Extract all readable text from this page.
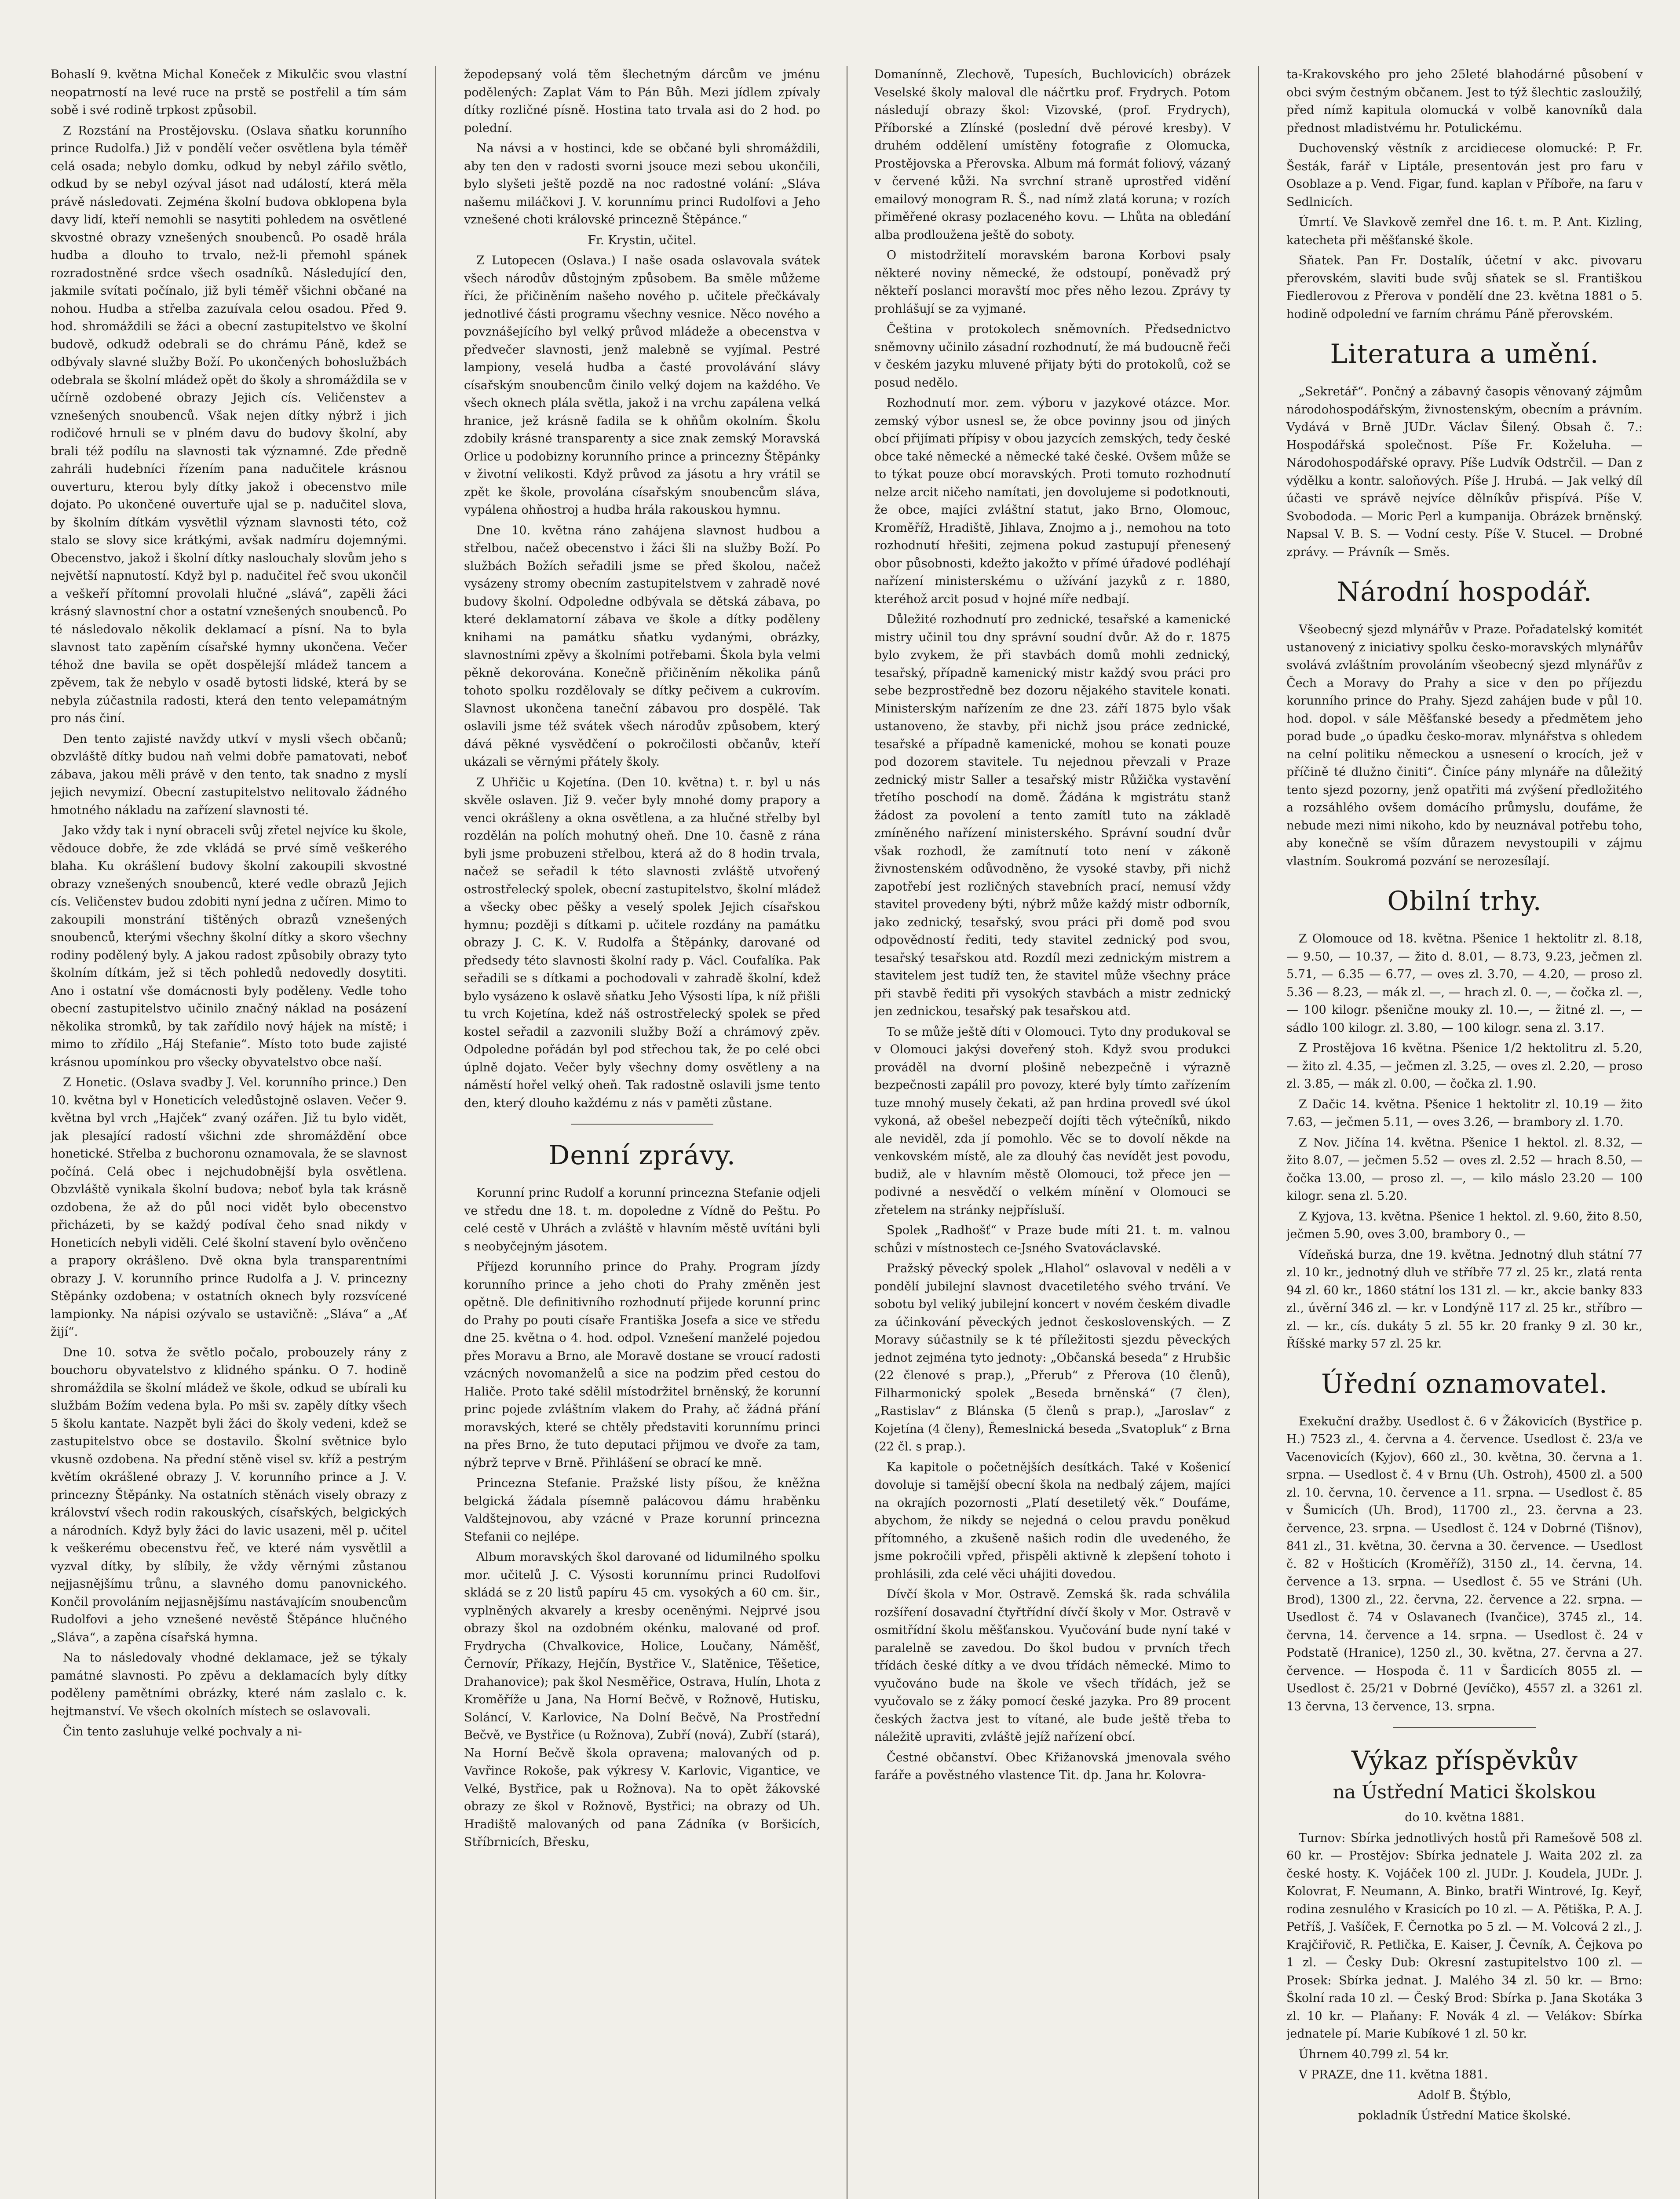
Bohaslí 9. května Michal Koneček z Mikulčic svou vlastní neopatrností na levé ruce na prstě se postřelil a tím sám sobě i své rodině trpkost způsobil.

Z Rozstání na Prostějovsku. (Oslava sňatku korunního prince Rudolfa.) Již v pondělí večer osvětlena byla téměř celá osada; nebylo domku, odkud by nebyl zářilo světlo, odkud by se nebyl ozýval jásot nad událostí, která měla právě následovati. Zejména školní budova obklopena byla davy lidí, kteří nemohli se nasytiti pohledem na osvětlené skvostné obrazy vznešených snoubenců. Po osadě hrála hudba a dlouho to trvalo, než-li přemohl spánek rozradostněné srdce všech osadníků. Následující den, jakmile svítati počínalo, již byli téměř všichni občané na nohou. Hudba a střelba zazuívala celou osadou. Před 9. hod. shromáždili se žáci a obecní zastupitelstvo ve školní budově, odkudž odebrali se do chrámu Páně, kdež se odbývaly slavné služby Boží. Po ukončených bohoslužbách odebrala se školní mládež opět do školy a shromáždila se v učírně ozdobené obrazy Jejich cís. Veličenstev a vznešených snoubenců. Však nejen dítky nýbrž i jich rodičové hrnuli se v plném davu do budovy školní, aby brali též podílu na slavnosti tak významné. Zde předně zahráli hudebníci řízením pana nadučitele krásnou ouverturu, kterou byly dítky jakož i obecenstvo mile dojato. Po ukončené ouvertuře ujal se p. nadučitel slova, by školním dítkám vysvětlil význam slavnosti této, což stalo se slovy sice krátkými, avšak nadmíru dojemnými. Obecenstvo, jakož i školní dítky naslouchaly slovům jeho s největší napnutostí. Když byl p. nadučitel řeč svou ukončil a veškeří přítomní provolali hlučné „slává“, zapěli žáci krásný slavnostní chor a ostatní vznešených snoubenců. Po té následovalo několik deklamací a písní. Na to byla slavnost tato zapěním císařské hymny ukončena. Večer téhož dne bavila se opět dospělejší mládež tancem a zpěvem, tak že nebylo v osadě bytosti lidské, která by se nebyla zúčastnila radosti, která den tento velepamátným pro nás činí.

Den tento zajisté navždy utkví v mysli všech občanů; obzvláště dítky budou naň velmi dobře pamatovati, neboť zábava, jakou měli právě v den tento, tak snadno z myslí jejich nevymizí. Obecní zastupitelstvo nelitovalo žádného hmotného nákladu na zařízení slavnosti té.

Jako vždy tak i nyní obraceli svůj zřetel nejvíce ku škole, vědouce dobře, že zde vkládá se prvé símě veškerého blaha. Ku okrášlení budovy školní zakoupili skvostné obrazy vznešených snoubenců, které vedle obrazů Jejich cís. Veličenstev budou zdobiti nyní jedna z učíren. Mimo to zakoupili monstrání tištěných obrazů vznešených snoubenců, kterými všechny školní dítky a skoro všechny rodiny podělený byly. A jakou radost způsobily obrazy tyto školním dítkám, jež si těch pohledů nedovedly dosytiti. Ano i ostatní vše domácnosti byly poděleny. Vedle toho obecní zastupitelstvo učinilo značný náklad na posázení několika stromků, by tak zařídilo nový hájek na místě; i mimo to zřídilo „Háj Stefanie“. Místo toto bude zajisté krásnou upomínkou pro všecky obyvatelstvo obce naší.

Z Honetic. (Oslava svadby J. Vel. korunního prince.) Den 10. května byl v Honeticích veledůstojně oslaven. Večer 9. května byl vrch „Hajček“ zvaný ozářen. Již tu bylo vidět, jak plesající radostí všichni zde shromáždění obce honetické. Střelba z buchoronu oznamovala, že se slavnost počíná. Celá obec i nejchudobnější byla osvětlena. Obzvláště vynikala školní budova; neboť byla tak krásně ozdobena, že až do půl noci vidět bylo obecenstvo přicházeti, by se každý podíval čeho snad nikdy v Honeticích nebyli viděli. Celé školní stavení bylo ověnčeno a prapory okrášleno. Dvě okna byla transparentními obrazy J. V. korunního prince Rudolfa a J. V. princezny Stěpánky ozdobena; v ostatních oknech byly rozsvícené lampionky. Na nápisi ozývalo se ustavičně: „Sláva“ a „Ať žijí“.

Dne 10. sotva že světlo počalo, probouzely rány z bouchoru obyvatelstvo z klidného spánku. O 7. hodině shromáždila se školní mládež ve škole, odkud se ubírali ku službám Božím vedena byla. Po mši sv. zapěly dítky všech 5 školu kantate. Nazpět byli žáci do školy vedeni, kdež se zastupitelstvo obce se dostavilo. Školní světnice bylo vkusně ozdobena. Na přední stěně visel sv. kříž a pestrým květím okrášlené obrazy J. V. korunního prince a J. V. princezny Štěpánky. Na ostatních stěnách visely obrazy z království všech rodin rakouských, císařských, belgických a národních. Když byly žáci do lavic usazeni, měl p. učitel k veškerému obecenstvu řeč, ve které nám vysvětlil a vyzval dítky, by slíbily, že vždy věrnými zůstanou nejjasnějšímu trůnu, a slavného domu panovnického. Končil provoláním nejjasnějšímu nastávajícím snoubencům Rudolfovi a jeho vznešené nevěstě Štěpánce hlučného „Sláva“, a zapěna císařská hymna.

Na to následovaly vhodné deklamace, jež se týkaly památné slavnosti. Po zpěvu a deklamacích byly dítky poděleny pamětními obrázky, které nám zaslalo c. k. hejtmanství. Ve všech okolních místech se oslavovali.

Čin tento zasluhuje velké pochvaly a ni-

žepodepsaný volá těm šlechetným dárcům ve jménu podělených: Zaplat Vám to Pán Bůh. Mezi jídlem zpívaly dítky rozličné písně. Hostina tato trvala asi do 2 hod. po polední.

Na návsi a v hostinci, kde se občané byli shromáždili, aby ten den v radosti svorni jsouce mezi sebou ukončili, bylo slyšeti ještě pozdě na noc radostné volání: „Sláva našemu miláčkovi J. V. korunnímu princi Rudolfovi a Jeho vznešené choti královské princezně Štěpánce.“

Fr. Krystin, učitel.

Z Lutopecen (Oslava.) I naše osada oslavovala svátek všech národův důstojným způsobem. Ba směle můžeme říci, že přičiněním našeho nového p. učitele přečkávaly jednotlivé části programu všechny vesnice. Něco nového a povznášejícího byl velký průvod mládeže a obecenstva v předvečer slavnosti, jenž malebně se vyjímal. Pestré lampiony, veselá hudba a časté provolávání slávy císařským snoubencům činilo velký dojem na každého. Ve všech oknech plála světla, jakož i na vrchu zapálena velká hranice, jež krásně fadila se k ohňům okolním. Školu zdobily krásné transparenty a sice znak zemský Moravská Orlice u podobizny korunního prince a princezny Štěpánky v životní velikosti. Když průvod za jásotu a hry vrátil se zpět ke škole, provolána císařským snoubencům sláva, vypálena ohňostroj a hudba hrála rakouskou hymnu.

Dne 10. května ráno zahájena slavnost hudbou a střelbou, načež obecenstvo i žáci šli na služby Boží. Po službách Božích seřadili jsme se před školou, načež vysázeny stromy obecním zastupitelstvem v zahradě nové budovy školní. Odpoledne odbývala se dětská zábava, po které deklamatorní zábava ve škole a dítky poděleny knihami na památku sňatku vydanými, obrázky, slavnostními zpěvy a školními potřebami. Škola byla velmi pěkně dekorována. Konečně přičiněním několika pánů tohoto spolku rozdělovaly se dítky pečivem a cukrovím. Slavnost ukončena taneční zábavou pro dospělé. Tak oslavili jsme též svátek všech národův způsobem, který dává pěkné vysvědčení o pokročilosti občanův, kteří ukázali se věrnými přátely školy.

Z Uhřičic u Kojetína. (Den 10. května) t. r. byl u nás skvěle oslaven. Již 9. večer byly mnohé domy prapory a venci okrášleny a okna osvětlena, a za hlučné střelby byl rozdělán na polích mohutný oheň. Dne 10. časně z rána byli jsme probuzeni střelbou, která až do 8 hodin trvala, načež se seřadil k této slavnosti zvláště utvořený ostrostřelecký spolek, obecní zastupitelstvo, školní mládež a všecky obec pěšky a veselý spolek Jejich císařskou hymnu; později s dítkami p. učitele rozdány na památku obrazy J. C. K. V. Rudolfa a Štěpánky, darované od předsedy této slavnosti školní rady p. Václ. Coufalíka. Pak seřadili se s dítkami a pochodovali v zahradě školní, kdež bylo vysázeno k oslavě sňatku Jeho Výsosti lípa, k níž přišli tu vrch Kojetína, kdež náš ostrostřelecký spolek se před kostel seřadil a zazvonili služby Boží a chrámový zpěv. Odpoledne pořádán byl pod střechou tak, že po celé obci úplně dojato. Večer byly všechny domy osvětleny a na náměstí hořel velký oheň. Tak radostně oslavili jsme tento den, který dlouho každému z nás v paměti zůstane.

Denní zprávy.

Korunní princ Rudolf a korunní princezna Stefanie odjeli ve středu dne 18. t. m. dopoledne z Vídně do Peštu. Po celé cestě v Uhrách a zvláště v hlavním městě uvítáni byli s neobyčejným jásotem.

Příjezd korunního prince do Prahy. Program jízdy korunního prince a jeho choti do Prahy změněn jest opětně. Dle definitivního rozhodnutí přijede korunní princ do Prahy po pouti císaře Františka Josefa a sice ve středu dne 25. května o 4. hod. odpol. Vznešení manželé pojedou přes Moravu a Brno, ale Moravě dostane se vroucí radosti vzácných novomanželů a sice na podzim před cestou do Haliče. Proto také sdělil místodržitel brněnský, že korunní princ pojede zvláštním vlakem do Prahy, ač žádná přání moravských, které se chtěly představiti korunnímu princi na přes Brno, že tuto deputaci přijmou ve dvoře za tam, nýbrž teprve v Brně. Přihlášení se obrací ke mně.

Princezna Stefanie. Pražské listy píšou, že kněžna belgická žádala písemně palácovou dámu hraběnku Valdštejnovou, aby vzácné v Praze korunní princezna Stefanii co nejlépe.

Album moravských škol darované od lidumilného spolku mor. učitelů J. C. Výsosti korunnímu princi Rudolfovi skládá se z 20 listů papíru 45 cm. vysokých a 60 cm. šir., vyplněných akvarely a kresby oceněnými. Nejprvé jsou obrazy škol na ozdobném okénku, malované od prof. Frydrycha (Chvalkovice, Holice, Loučany, Náměšť, Černovír, Příkazy, Hejčín, Bystřice V., Slatěnice, Těšetice, Drahanovice); pak škol Nesměřice, Ostrava, Hulín, Lhota z Kroměříže u Jana, Na Horní Bečvě, v Rožnově, Hutisku, Soláncí, V. Karlovice, Na Dolní Bečvě, Na Prostřední Bečvě, ve Bystřice (u Rožnova), Zubří (nová), Zubří (stará), Na Horní Bečvě škola opravena; malovaných od p. Vavřince Rokoše, pak výkresy V. Karlovic, Vigantice, ve Velké, Bystřice, pak u Rožnova). Na to opět žákovské obrazy ze škol v Rožnově, Bystřici; na obrazy od Uh. Hradiště malovaných od pana Zádníka (v Boršicích, Stříbrnicích, Břesku,

Domanínně, Zlechově, Tupesích, Buchlovicích) obrázek Veselské školy maloval dle náčrtku prof. Frydrych. Potom následují obrazy škol: Vizovské, (prof. Frydrych), Příborské a Zlínské (poslední dvě pérové kresby). V druhém oddělení umístěny fotografie z Olomucka, Prostějovska a Přerovska. Album má formát foliový, vázaný v červené kůži. Na svrchní straně uprostřed vidění emailový monogram R. Š., nad nímž zlatá koruna; v rozích přiměřené okrasy pozlaceného kovu. — Lhůta na obledání alba prodloužena ještě do soboty.

O mistodržitelí moravském barona Korbovi psaly některé noviny německé, že odstoupí, poněvadž prý někteří poslanci moravští moc přes něho lezou. Zprávy ty prohlášují se za vyjmané.

Čeština v protokolech sněmovních. Předsednictvo sněmovny učinilo zásadní rozhodnutí, že má budoucně řeči v českém jazyku mluvené přijaty býti do protokolů, což se posud nedělo.

Rozhodnutí mor. zem. výboru v jazykové otázce. Mor. zemský výbor usnesl se, že obce povinny jsou od jiných obcí přijímati přípisy v obou jazycích zemských, tedy české obce také německé a německé také české. Ovšem může se to týkat pouze obcí moravských. Proti tomuto rozhodnutí nelze arcit ničeho namítati, jen dovolujeme si podotknouti, že obce, majíci zvláštní statut, jako Brno, Olomouc, Kroměříž, Hradiště, Jihlava, Znojmo a j., nemohou na toto rozhodnutí hřešiti, zejmena pokud zastupují přenesený obor působnosti, kdežto jakožto v přímé úřadové podléhají nařízení ministerskému o užívání jazyků z r. 1880, kteréhož arcit posud v hojné míře nedbají.

Důležité rozhodnutí pro zednické, tesařské a kamenické mistry učinil tou dny správní soudní dvůr. Až do r. 1875 bylo zvykem, že při stavbách domů mohli zednický, tesařský, případně kamenický mistr každý svou práci pro sebe bezprostředně bez dozoru nějakého stavitele konati. Ministerským nařízením ze dne 23. září 1875 bylo však ustanoveno, že stavby, při nichž jsou práce zednické, tesařské a případně kamenické, mohou se konati pouze pod dozorem stavitele. Tu nejednou převzali v Praze zednický mistr Saller a tesařský mistr Růžička vystavění třetího poschodí na domě. Žádána k mgistrátu stanž žádost za povolení a tento zamítl tuto na základě zmíněného nařízení ministerského. Správní soudní dvůr však rozhodl, že zamítnutí toto není v zákoně živnostenském odůvodněno, že vysoké stavby, při nichž zapotřebí jest rozličných stavebních prací, nemusí vždy stavitel provedeny býti, nýbrž může každý mistr odborník, jako zednický, tesařský, svou práci při domě pod svou odpovědností řediti, tedy stavitel zednický pod svou, tesařský tesařskou atd. Rozdíl mezi zednickým mistrem a stavitelem jest tudíž ten, že stavitel může všechny práce při stavbě řediti při vysokých stavbách a mistr zednický jen zednickou, tesařský pak tesařskou atd.

To se může ještě díti v Olomouci. Tyto dny produkoval se v Olomouci jakýsi doveřený stoh. Když svou produkci prováděl na dvorní plošině nebezpečně i výrazně bezpečnosti zapálil pro povozy, které byly tímto zařízením tuze mnohý musely čekati, až pan hrdina provedl své úkol vykoná, až obešel nebezpečí dojíti těch výtečníků, nikdo ale neviděl, zda jí pomohlo. Věc se to dovolí někde na venkovském místě, ale za dlouhý čas nevídět jest povodu, budiž, ale v hlavním městě Olomouci, tož přece jen — podivné a nesvědčí o velkém mínění v Olomouci se zřetelem na stránky nejpřísluší.

Spolek „Radhošť“ v Praze bude míti 21. t. m. valnou schůzi v místnostech ce-Jsného Svatováclavské.

Pražský pěvecký spolek „Hlahol“ oslavoval v neděli a v pondělí jubilejní slavnost dvacetiletého svého trvání. Ve sobotu byl veliký jubilejní koncert v novém českém divadle za účinkování pěveckých jednot československých. — Z Moravy súčastnily se k té příležitosti sjezdu pěveckých jednot zejména tyto jednoty: „Občanská beseda“ z Hrubšic (22 členové s prap.), „Přerub“ z Přerova (10 členů), Filharmonický spolek „Beseda brněnská“ (7 člen), „Rastislav“ z Blánska (5 členů s prap.), „Jaroslav“ z Kojetína (4 členy), Řemeslnická beseda „Svatopluk“ z Brna (22 čl. s prap.).

Ka kapitole o početnějších desítkách. Také v Košenicí dovoluje si tamější obecní škola na nedbalý zájem, majíci na okrajích pozornosti „Platí desetiletý věk.“ Doufáme, abychom, že nikdy se nejedná o celou pravdu poněkud přítomného, a zkušeně našich rodin dle uvedeného, že jsme pokročili vpřed, přispěli aktivně k zlepšení tohoto i prohlásili, zda celé věci uhájiti dovedou.

Dívčí škola v Mor. Ostravě. Zemská šk. rada schválila rozšíření dosavadní čtyřtřídní dívčí školy v Mor. Ostravě v osmitřídní školu měšťanskou. Vyučování bude nyní také v paralelně se zavedou. Do škol budou v prvních třech třídách české dítky a ve dvou třídách německé. Mimo to vyučováno bude na škole ve všech třídách, jež se vyučovalo se z žáky pomocí české jazyka. Pro 89 procent českých žactva jest to vítané, ale bude ještě třeba to náležitě upraviti, zvláště jejíž nařízení obcí.

Čestné občanství. Obec Křižanovská jmenovala svého faráře a pověstného vlastence Tit. dp. Jana hr. Kolovra-

ta-Krakovského pro jeho 25leté blahodárné působení v obci svým čestným občanem. Jest to týž šlechtic zasloužilý, před nímž kapitula olomucká v volbě kanovníků dala přednost mladistvému hr. Potulickému.

Duchovenský věstník z arcidiecese olomucké: P. Fr. Šesták, farář v Liptále, presentován jest pro faru v Osoblaze a p. Vend. Figar, fund. kaplan v Příboře, na faru v Sedlnicích.

Úmrtí. Ve Slavkově zemřel dne 16. t. m. P. Ant. Kizling, katecheta při měšťanské škole.

Sňatek. Pan Fr. Dostalík, účetní v akc. pivovaru přerovském, slaviti bude svůj sňatek se sl. Františkou Fiedlerovou z Přerova v pondělí dne 23. května 1881 o 5. hodině odpolední ve farním chrámu Páně přerovském.

Literatura a umění.

„Sekretář“. Pončný a zábavný časopis věnovaný zájmům národohospodářským, živnostenským, obecním a právním. Vydává v Brně JUDr. Václav Šilený. Obsah č. 7.: Hospodářská společnost. Píše Fr. Koželuha. — Národohospodářské opravy. Píše Ludvík Odstrčil. — Dan z výdělku a kontr. saloňových. Píše J. Hrubá. — Jak velký díl účasti ve správě nejvíce dělníkův přispívá. Píše V. Svobododa. — Moric Perl a kumpanija. Obrázek brněnský. Napsal V. B. S. — Vodní cesty. Píše V. Stucel. — Drobné zprávy. — Právník — Směs.

Národní hospodář.

Všeobecný sjezd mlynářův v Praze. Pořadatelský komitét ustanovený z iniciativy spolku česko-moravských mlynářův svolává zvláštním provoláním všeobecný sjezd mlynářův z Čech a Moravy do Prahy a sice v den po příjezdu korunního prince do Prahy. Sjezd zahájen bude v půl 10. hod. dopol. v sále Měšťanské besedy a předmětem jeho porad bude „o úpadku česko-morav. mlynářstva s ohledem na celní politiku německou a usnesení o krocích, jež v příčině té dlužno činiti“. Činíce pány mlynáře na důležitý tento sjezd pozorny, jenž opatřiti má zvýšení předložitého a rozsáhlého ovšem domácího průmyslu, doufáme, že nebude mezi nimi nikoho, kdo by neuznával potřebu toho, aby konečně se vším důrazem nevystoupili v zájmu vlastním. Soukromá pozvání se nerozesílají.

Obilní trhy.

Z Olomouce od 18. května. Pšenice 1 hektolitr zl. 8.18, — 9.50, — 10.37, — žito d. 8.01, — 8.73, 9.23, ječmen zl. 5.71, — 6.35 — 6.77, — oves zl. 3.70, — 4.20, — proso zl. 5.36 — 8.23, — mák zl. —, — hrach zl. 0. —, — čočka zl. —, — 100 kilogr. pšenične mouky zl. 10.—, — žitné zl. —, — sádlo 100 kilogr. zl. 3.80, — 100 kilogr. sena zl. 3.17.

Z Prostějova 16 května. Pšenice 1/2 hektolitru zl. 5.20, — žito zl. 4.35, — ječmen zl. 3.25, — oves zl. 2.20, — proso zl. 3.85, — mák zl. 0.00, — čočka zl. 1.90.

Z Dačic 14. května. Pšenice 1 hektolitr zl. 10.19 — žito 7.63, — ječmen 5.11, — oves 3.26, — brambory zl. 1.70.

Z Nov. Jičína 14. května. Pšenice 1 hektol. zl. 8.32, — žito 8.07, — ječmen 5.52 — oves zl. 2.52 — hrach 8.50, — čočka 13.00, — proso zl. —, — kilo máslo 23.20 — 100 kilogr. sena zl. 5.20.

Z Kyjova, 13. května. Pšenice 1 hektol. zl. 9.60, žito 8.50, ječmen 5.90, oves 3.00, brambory 0., —

Vídeňská burza, dne 19. května. Jednotný dluh státní 77 zl. 10 kr., jednotný dluh ve stříbře 77 zl. 25 kr., zlatá renta 94 zl. 60 kr., 1860 státní los 131 zl. — kr., akcie banky 833 zl., úvěrní 346 zl. — kr. v Londýně 117 zl. 25 kr., stříbro — zl. — kr., cís. dukáty 5 zl. 55 kr. 20 franky 9 zl. 30 kr., Říšské marky 57 zl. 25 kr.

Úřední oznamovatel.

Exekuční dražby. Usedlost č. 6 v Žákovicích (Bystřice p. H.) 7523 zl., 4. června a 4. července. Usedlost č. 23/a ve Vacenovicích (Kyjov), 660 zl., 30. května, 30. června a 1. srpna. — Usedlost č. 4 v Brnu (Uh. Ostroh), 4500 zl. a 500 zl. 10. června, 10. července a 11. srpna. — Usedlost č. 85 v Šumicích (Uh. Brod), 11700 zl., 23. června a 23. července, 23. srpna. — Usedlost č. 124 v Dobrné (Tišnov), 841 zl., 31. května, 30. června a 30. července. — Usedlost č. 82 v Hošticích (Kroměříž), 3150 zl., 14. června, 14. července a 13. srpna. — Usedlost č. 55 ve Stráni (Uh. Brod), 1300 zl., 22. června, 22. července a 22. srpna. — Usedlost č. 74 v Oslavanech (Ivančice), 3745 zl., 14. června, 14. července a 14. srpna. — Usedlost č. 24 v Podstatě (Hranice), 1250 zl., 30. května, 27. června a 27. července. — Hospoda č. 11 v Šardicích 8055 zl. — Usedlost č. 25/21 v Dobrné (Jevíčko), 4557 zl. a 3261 zl. 13 června, 13 července, 13. srpna.

Výkaz příspěvkův

na Ústřední Matici školskou

do 10. května 1881.

Turnov: Sbírka jednotlivých hostů při Ramešově 508 zl. 60 kr. — Prostějov: Sbírka jednatele J. Waita 202 zl. za české hosty. K. Vojáček 100 zl. JUDr. J. Koudela, JUDr. J. Kolovrat, F. Neumann, A. Binko, bratři Wintrové, Ig. Keyř, rodina zesnulého v Krasicích po 10 zl. — A. Pětiška, P. A. J. Petříš, J. Vašíček, F. Černotka po 5 zl. — M. Volcová 2 zl., J. Krajčiřovič, R. Petlička, E. Kaiser, J. Čevník, A. Čejkova po 1 zl. — Česky Dub: Okresní zastupitelstvo 100 zl. — Prosek: Sbírka jednat. J. Malého 34 zl. 50 kr. — Brno: Školní rada 10 zl. — Český Brod: Sbírka p. Jana Skotáka 3 zl. 10 kr. — Plaňany: F. Novák 4 zl. — Velákov: Sbírka jednatele pí. Marie Kubíkové 1 zl. 50 kr.

Úhrnem 40.799 zl. 54 kr.

V PRAZE, dne 11. května 1881.

Adolf B. Štýblo,

pokladník Ústřední Matice školské.
